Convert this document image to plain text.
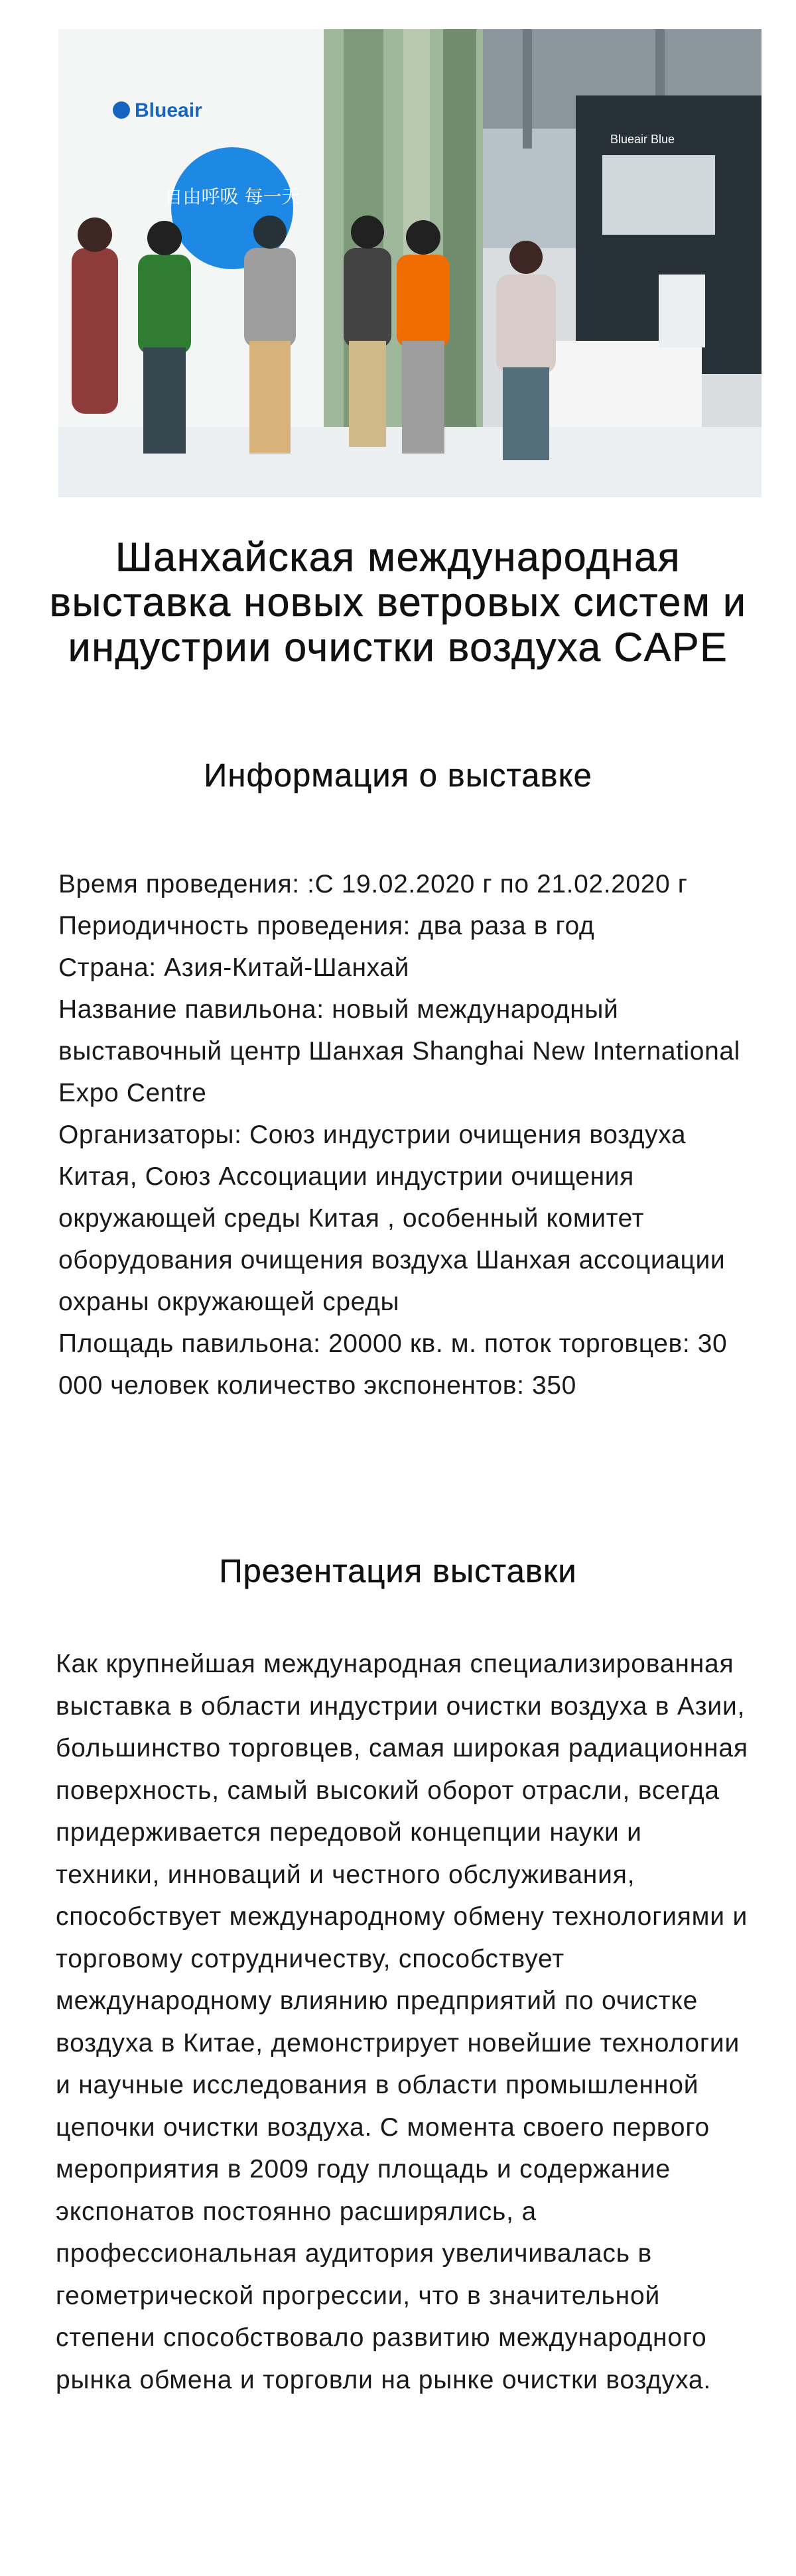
Blueair Blue
Blueair
自由呼吸 每一天
Шанхайская международная выставка новых ветровых систем и индустрии очистки воздуха CAPE
Информация о выставке
Время проведения: :С 19.02.2020 г по 21.02.2020 г
Периодичность проведения: два раза в год
Страна: Азия-Китай-Шанхай
Название павильона: новый международный выставочный центр Шанхая Shanghai New International Expo Centre
Организаторы: Союз индустрии очищения воздуха Китая, Союз Ассоциации индустрии очищения окружающей среды Китая , особенный комитет оборудования очищения воздуха Шанхая ассоциации охраны окружающей среды
Площадь павильона: 20000 кв. м. поток торговцев: 30 000 человек количество экспонентов: 350
Презентация выставки

Как крупнейшая международная специализированная выставка в области индустрии очистки воздуха в Азии, большинство торговцев, самая широкая радиационная поверхность, самый высокий оборот отрасли, всегда придерживается передовой концепции науки и техники, инноваций и честного обслуживания, способствует международному обмену технологиями и торговому сотрудничеству, способствует международному влиянию предприятий по очистке воздуха в Китае, демонстрирует новейшие технологии и научные исследования в области промышленной цепочки очистки воздуха. С момента своего первого мероприятия в 2009 году площадь и содержание экспонатов постоянно расширялись, а профессиональная аудитория увеличивалась в геометрической прогрессии, что в значительной степени способствовало развитию международного рынка обмена и торговли на рынке очистки воздуха.
